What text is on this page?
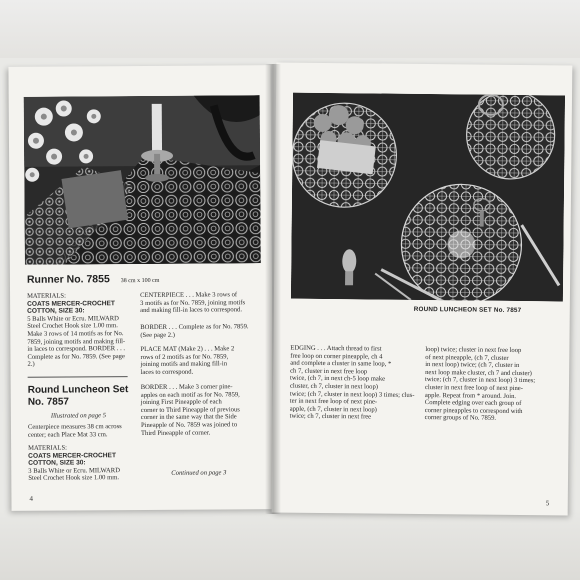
Runner No. 7855 38 cm x 100 cm
MATERIALS:
COATS MERCER-CROCHET
COTTON, SIZE 30:
5 Balls White or Ecru. MILWARD
Steel Crochet Hook size 1.00 mm.
Make 3 rows of 14 motifs as for No.
7859, joining motifs and making fill-
in laces to correspond. BORDER . . .
Complete as for No. 7859. (See page
2.)
Round Luncheon Set
No. 7857
Illustrated on page 5
Centerpiece measures 38 cm across
center; each Place Mat 33 cm.
MATERIALS:
COATS MERCER-CROCHET
COTTON, SIZE 30:
3 Balls White or Ecru. MILWARD
Steel Crochet Hook size 1.00 mm.
CENTERPIECE . . . Make 3 rows of
3 motifs as for No. 7859, joining motifs
and making fill-in laces to correspond.
BORDER . . . Complete as for No. 7859.
(See page 2.)
PLACE MAT (Make 2) . . . Make 2
rows of 2 motifs as for No. 7859,
joining motifs and making fill-in
laces to correspond.
BORDER . . . Make 3 corner pine-
apples on each motif as for No. 7859,
joining First Pineapple of each
corner to Third Pineapple of previous
corner in the same way that the Side
Pineapple of No. 7859 was joined to
Third Pineapple of corner.
Continued on page 3
4
ROUND LUNCHEON SET No. 7857
EDGING . . . Attach thread to first
free loop on corner pineapple, ch 4
and complete a cluster in same loop, *
ch 7, cluster in next free loop
twice, (ch 7, in next ch-5 loop make
cluster, ch 7, cluster in next loop)
twice; (ch 7, cluster in next loop) 3 times; clus-
ter in next free loop of next pine-
apple, (ch 7, cluster in next loop)
twice; ch 7, cluster in next free
loop) twice; cluster in next free loop
of next pineapple, (ch 7, cluster
in next loop) twice; (ch 7, cluster in
next loop make cluster, ch 7 and cluster)
twice; (ch 7, cluster in next loop) 3 times;
cluster in next free loop of next pine-
apple. Repeat from * around. Join.
Complete edging over each group of
corner pineapples to correspond with
corner groups of No. 7859.
5
